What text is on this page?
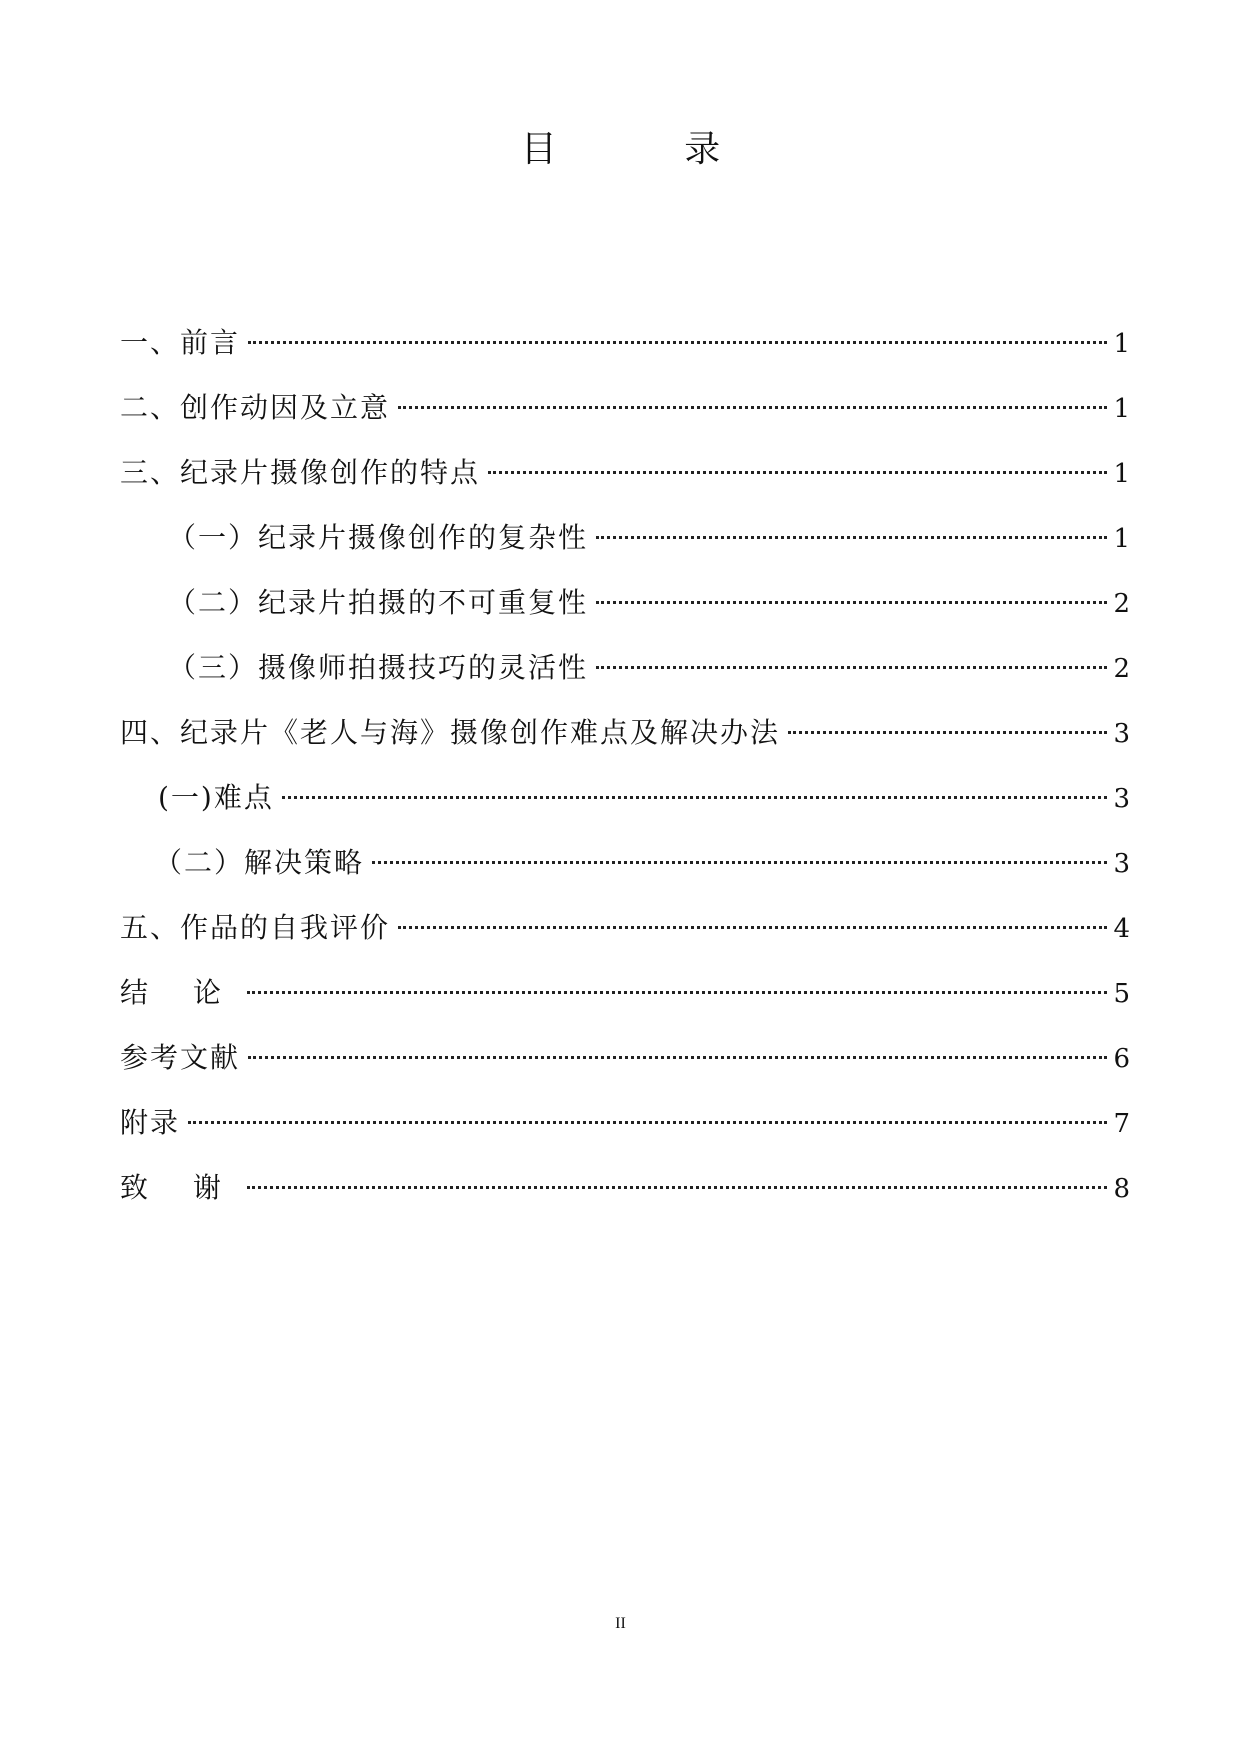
目 录
一、前言	1
二、创作动因及立意	1
三、纪录片摄像创作的特点	1
（一）纪录片摄像创作的复杂性	1
（二）纪录片拍摄的不可重复性	2
（三）摄像师拍摄技巧的灵活性	2
四、纪录片《老人与海》摄像创作难点及解决办法	3
(一)难点	3
（二）解决策略	3
五、作品的自我评价	4
结 论	5
参考文献	6
附录	7
致 谢	8
II
